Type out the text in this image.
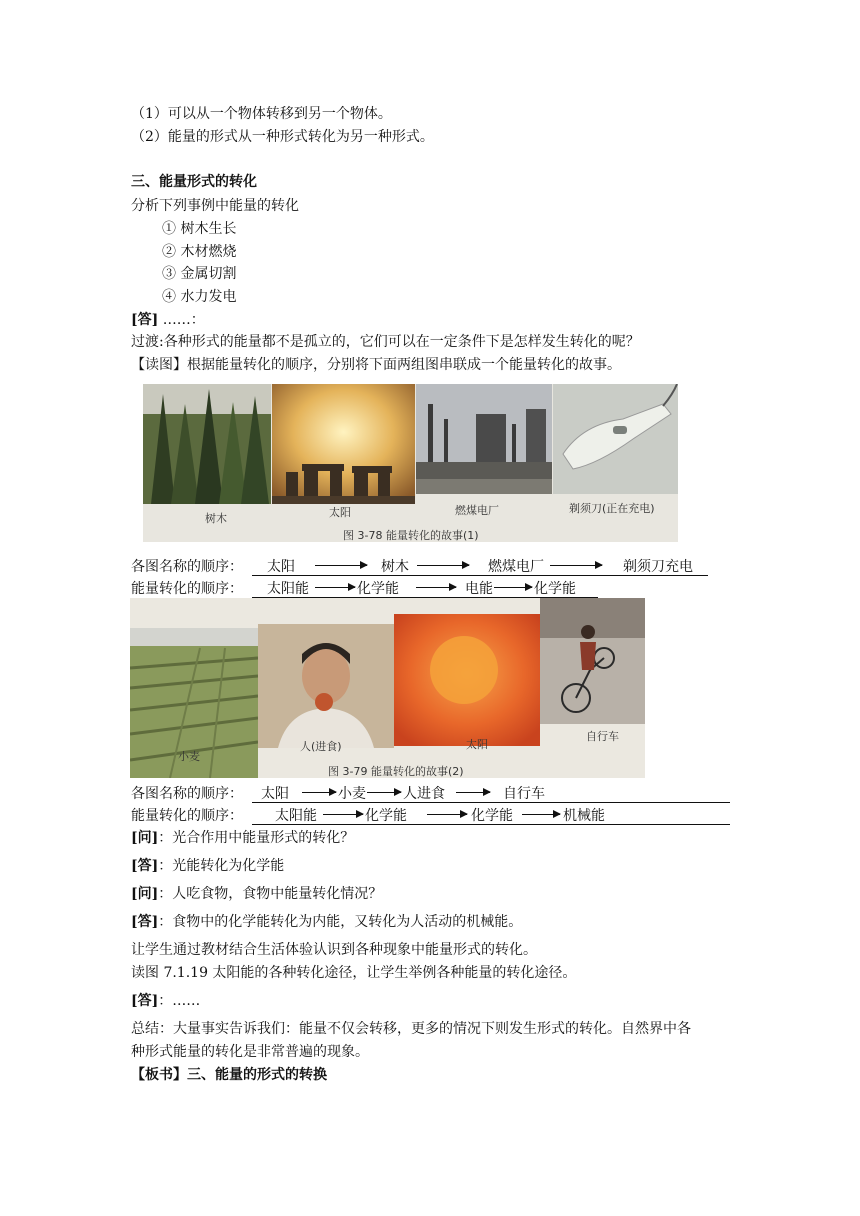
（1）可以从一个物体转移到另一个物体。
（2）能量的形式从一种形式转化为另一种形式。
三、能量形式的转化
分析下列事例中能量的转化
① 树木生长
② 木材燃烧
③ 金属切割
④ 水力发电
[答] ……：
过渡:各种形式的能量都不是孤立的，它们可以在一定条件下是怎样发生转化的呢？
【读图】根据能量转化的顺序，分别将下面两组图串联成一个能量转化的故事。
树木	太阳	燃煤电厂	剃须刀(正在充电)
图 3-78 能量转化的故事(1)
各图名称的顺序： 太阳	树木	燃煤电厂	剃须刀充电
能量转化的顺序： 太阳能	化学能	电能	化学能
小麦
人(进食)	太阳
自行车
图 3-79 能量转化的故事(2)
各图名称的顺序： 太阳	小麦	人进食	自行车
能量转化的顺序： 太阳能	化学能	化学能	机械能
[问]：光合作用中能量形式的转化？
[答]：光能转化为化学能
[问]：人吃食物，食物中能量转化情况？
[答]：食物中的化学能转化为内能，又转化为人活动的机械能。
让学生通过教材结合生活体验认识到各种现象中能量形式的转化。
读图 7.1.19 太阳能的各种转化途径，让学生举例各种能量的转化途径。
[答]：……
总结：大量事实告诉我们：能量不仅会转移，更多的情况下则发生形式的转化。自然界中各
种形式能量的转化是非常普遍的现象。
【板书】三、能量的形式的转换
